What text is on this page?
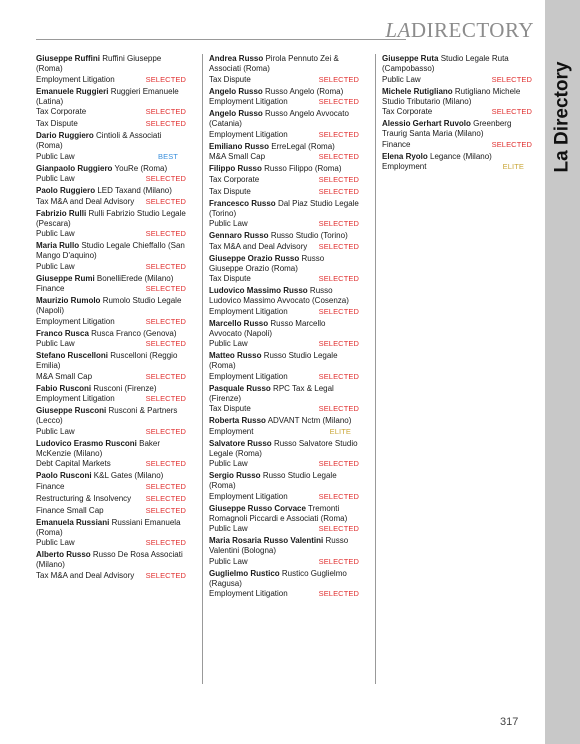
LADIRECTORY
La Directory
Giuseppe Ruffini Ruffini Giuseppe (Roma)
Employment Litigation	SELECTED
Emanuele Ruggieri Ruggieri Emanuele (Latina)
Tax Corporate	SELECTED
Tax Dispute	SELECTED
Dario Ruggiero Cintioli & Associati (Roma)
Public Law	BEST
Gianpaolo Ruggiero YouRe (Roma)
Public Law	SELECTED
Paolo Ruggiero LED Taxand (Milano)
Tax M&A and Deal Advisory	SELECTED
Fabrizio Rulli Rulli Fabrizio Studio Legale (Pescara)
Public Law	SELECTED
Maria Rullo Studio Legale Chieffallo (San Mango D'aquino)
Public Law	SELECTED
Giuseppe Rumi BonelliErede (Milano)
Finance	SELECTED
Maurizio Rumolo Rumolo Studio Legale (Napoli)
Employment Litigation	SELECTED
Franco Rusca Rusca Franco (Genova)
Public Law	SELECTED
Stefano Ruscelloni Ruscelloni (Reggio Emilia)
M&A Small Cap	SELECTED
Fabio Rusconi Rusconi (Firenze)
Employment Litigation	SELECTED
Giuseppe Rusconi Rusconi & Partners (Lecco)
Public Law	SELECTED
Ludovico Erasmo Rusconi Baker McKenzie (Milano)
Debt Capital Markets	SELECTED
Paolo Rusconi K&L Gates (Milano)
Finance	SELECTED
Restructuring & Insolvency	SELECTED
Finance Small Cap	SELECTED
Emanuela Russiani Russiani Emanuela (Roma)
Public Law	SELECTED
Alberto Russo Russo De Rosa Associati (Milano)
Tax M&A and Deal Advisory	SELECTED
Andrea Russo Pirola Pennuto Zei & Associati (Roma)
Tax Dispute	SELECTED
Angelo Russo Russo Angelo (Roma)
Employment Litigation	SELECTED
Angelo Russo Russo Angelo Avvocato (Catania)
Employment Litigation	SELECTED
Emiliano Russo ErreLegal (Roma)
M&A Small Cap	SELECTED
Filippo Russo Russo Filippo (Roma)
Tax Corporate	SELECTED
Tax Dispute	SELECTED
Francesco Russo Dal Piaz Studio Legale (Torino)
Public Law	SELECTED
Gennaro Russo Russo Studio (Torino)
Tax M&A and Deal Advisory	SELECTED
Giuseppe Orazio Russo Russo Giuseppe Orazio (Roma)
Tax Dispute	SELECTED
Ludovico Massimo Russo Russo Ludovico Massimo Avvocato (Cosenza)
Employment Litigation	SELECTED
Marcello Russo Russo Marcello Avvocato (Napoli)
Public Law	SELECTED
Matteo Russo Russo Studio Legale (Roma)
Employment Litigation	SELECTED
Pasquale Russo RPC Tax & Legal (Firenze)
Tax Dispute	SELECTED
Roberta Russo ADVANT Nctm (Milano)
Employment	ELITE
Salvatore Russo Russo Salvatore Studio Legale (Roma)
Public Law	SELECTED
Sergio Russo Russo Studio Legale (Roma)
Employment Litigation	SELECTED
Giuseppe Russo Corvace Tremonti Romagnoli Piccardi e Associati (Roma)
Public Law	SELECTED
Maria Rosaria Russo Valentini Russo Valentini (Bologna)
Public Law	SELECTED
Guglielmo Rustico Rustico Guglielmo (Ragusa)
Employment Litigation	SELECTED
Giuseppe Ruta Studio Legale Ruta (Campobasso)
Public Law	SELECTED
Michele Rutigliano Rutigliano Michele Studio Tributario (Milano)
Tax Corporate	SELECTED
Alessio Gerhart Ruvolo Greenberg Traurig Santa Maria (Milano)
Finance	SELECTED
Elena Ryolo Legance (Milano)
Employment	ELITE
317
